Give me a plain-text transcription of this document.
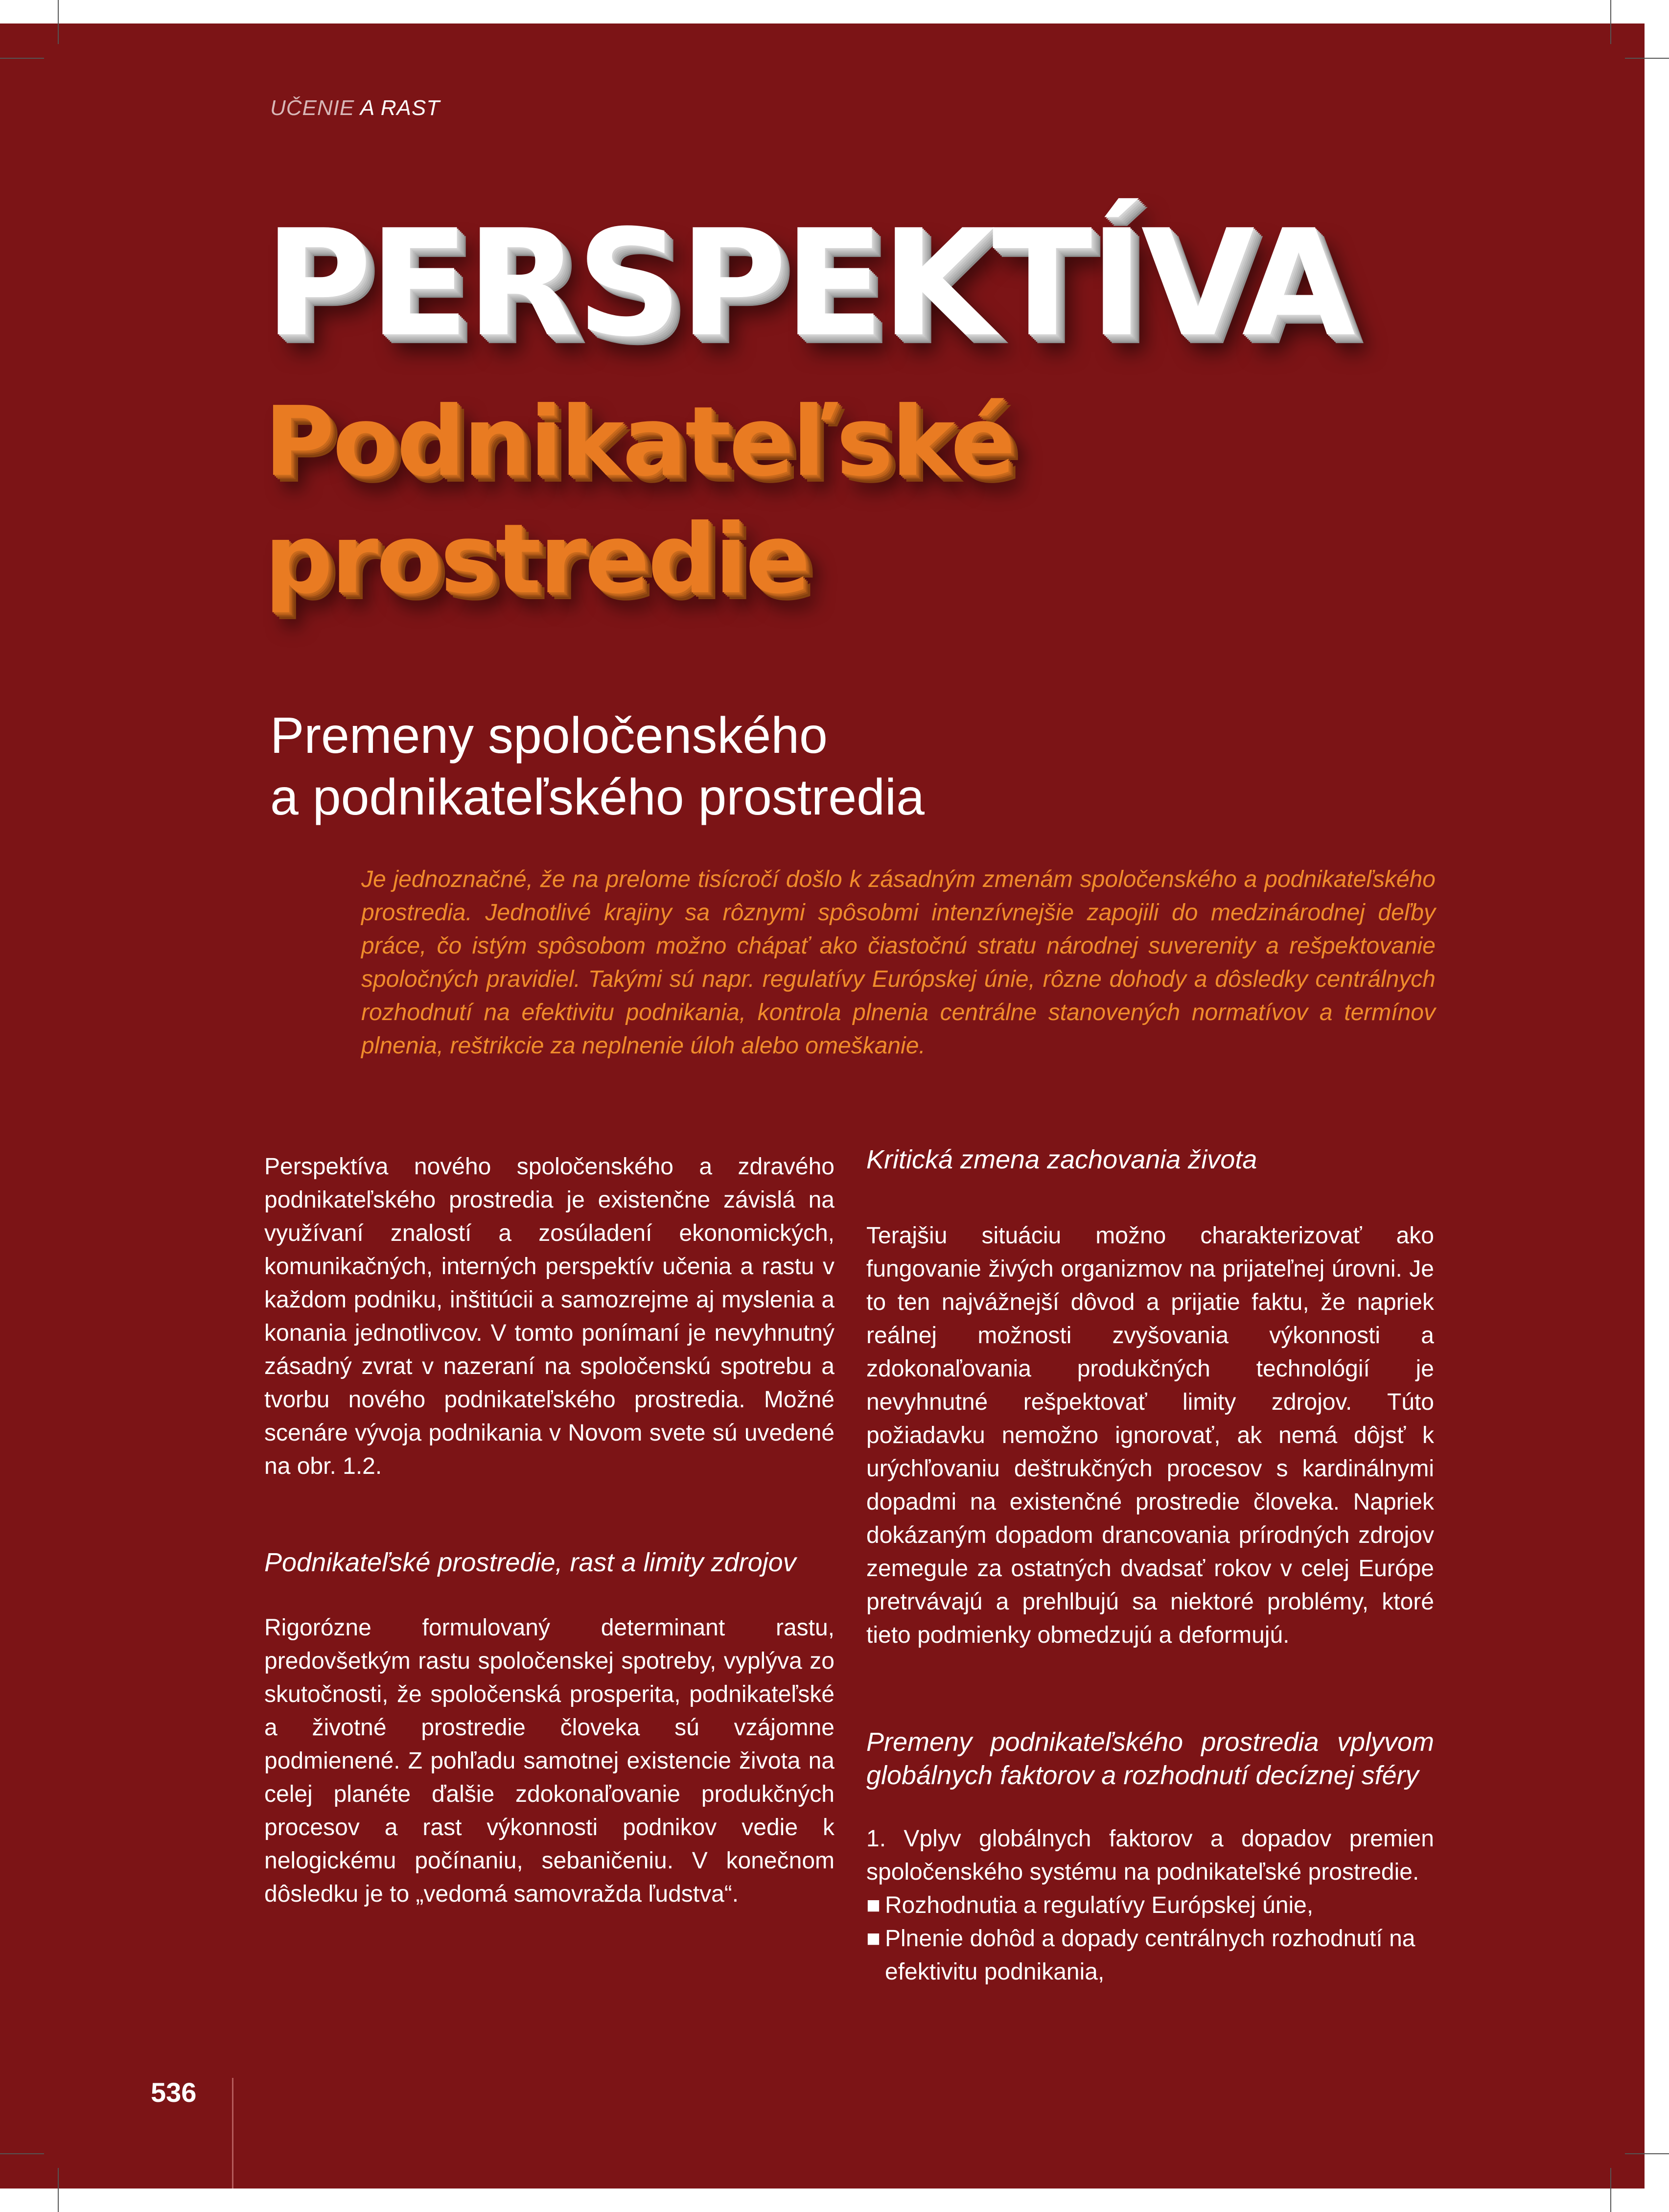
UČENIE A RAST
PERSPEKTÍVA
Podnikateľské
prostredie
Premeny spoločenského
a podnikateľského prostredia

Je jednoznačné, že na prelome tisícročí došlo k zásadným zmenám spoločenského a podnikateľského prostredia. Jednotlivé krajiny sa rôznymi spôsobmi intenzívnejšie zapojili do medzinárodnej deľby práce, čo istým spôsobom možno chápať ako čiastočnú stratu národnej suverenity a rešpektovanie spoločných pravidiel. Takými sú napr. regulatívy Európskej únie, rôzne dohody a dôsledky centrálnych rozhodnutí na efektivitu podnikania, kontrola plnenia centrálne stanovených normatívov a termínov plnenia, reštrikcie za neplnenie úloh alebo omeškanie.

Perspektíva nového spoločenského a zdravého podnikateľského prostredia je existenčne závislá na využívaní znalostí a zosúladení ekonomických, komunikačných, interných perspektív učenia a rastu v každom podniku, inštitúcii a samozrejme aj myslenia a konania jednotlivcov. V tomto ponímaní je nevyhnutný zásadný zvrat v nazeraní na spoločenskú spotrebu a tvorbu nového podnikateľského prostredia. Možné scenáre vývoja podnikania v Novom svete sú uvedené na obr. 1.2.

Podnikateľské prostredie, rast a limity zdrojov

Rigorózne formulovaný determinant rastu, predovšetkým rastu spoločenskej spotreby, vyplýva zo skutočnosti, že spoločenská prosperita, podnikateľské a životné prostredie človeka sú vzájomne podmienené. Z pohľadu samotnej existencie života na celej planéte ďalšie zdokonaľovanie produkčných procesov a rast výkonnosti podnikov vedie k nelogickému počínaniu, sebaničeniu. V konečnom dôsledku je to „vedomá samovražda ľudstva“.

Kritická zmena zachovania života

Terajšiu situáciu možno charakterizovať ako fungovanie živých organizmov na prijateľnej úrovni. Je to ten najvážnejší dôvod a prijatie faktu, že napriek reálnej možnosti zvyšovania výkonnosti a zdokonaľovania produkčných technológií je nevyhnutné rešpektovať limity zdrojov. Túto požiadavku nemožno ignorovať, ak nemá dôjsť k urýchľovaniu deštrukčných procesov s kardinálnymi dopadmi na existenčné prostredie človeka. Napriek dokázaným dopadom drancovania prírodných zdrojov zemegule za ostatných dvadsať rokov v celej Európe pretrvávajú a prehlbujú sa niektoré problémy, ktoré tieto podmienky obmedzujú a deformujú.

Premeny podnikateľského prostredia vplyvom globálnych faktorov a rozhodnutí decíznej sféry

1. Vplyv globálnych faktorov a dopadov premien spoločenského systému na podnikateľské prostredie.

■ Rozhodnutia a regulatívy Európskej únie,
■ Plnenie dohôd a dopady centrálnych rozhodnutí na efektivitu podnikania,
536
